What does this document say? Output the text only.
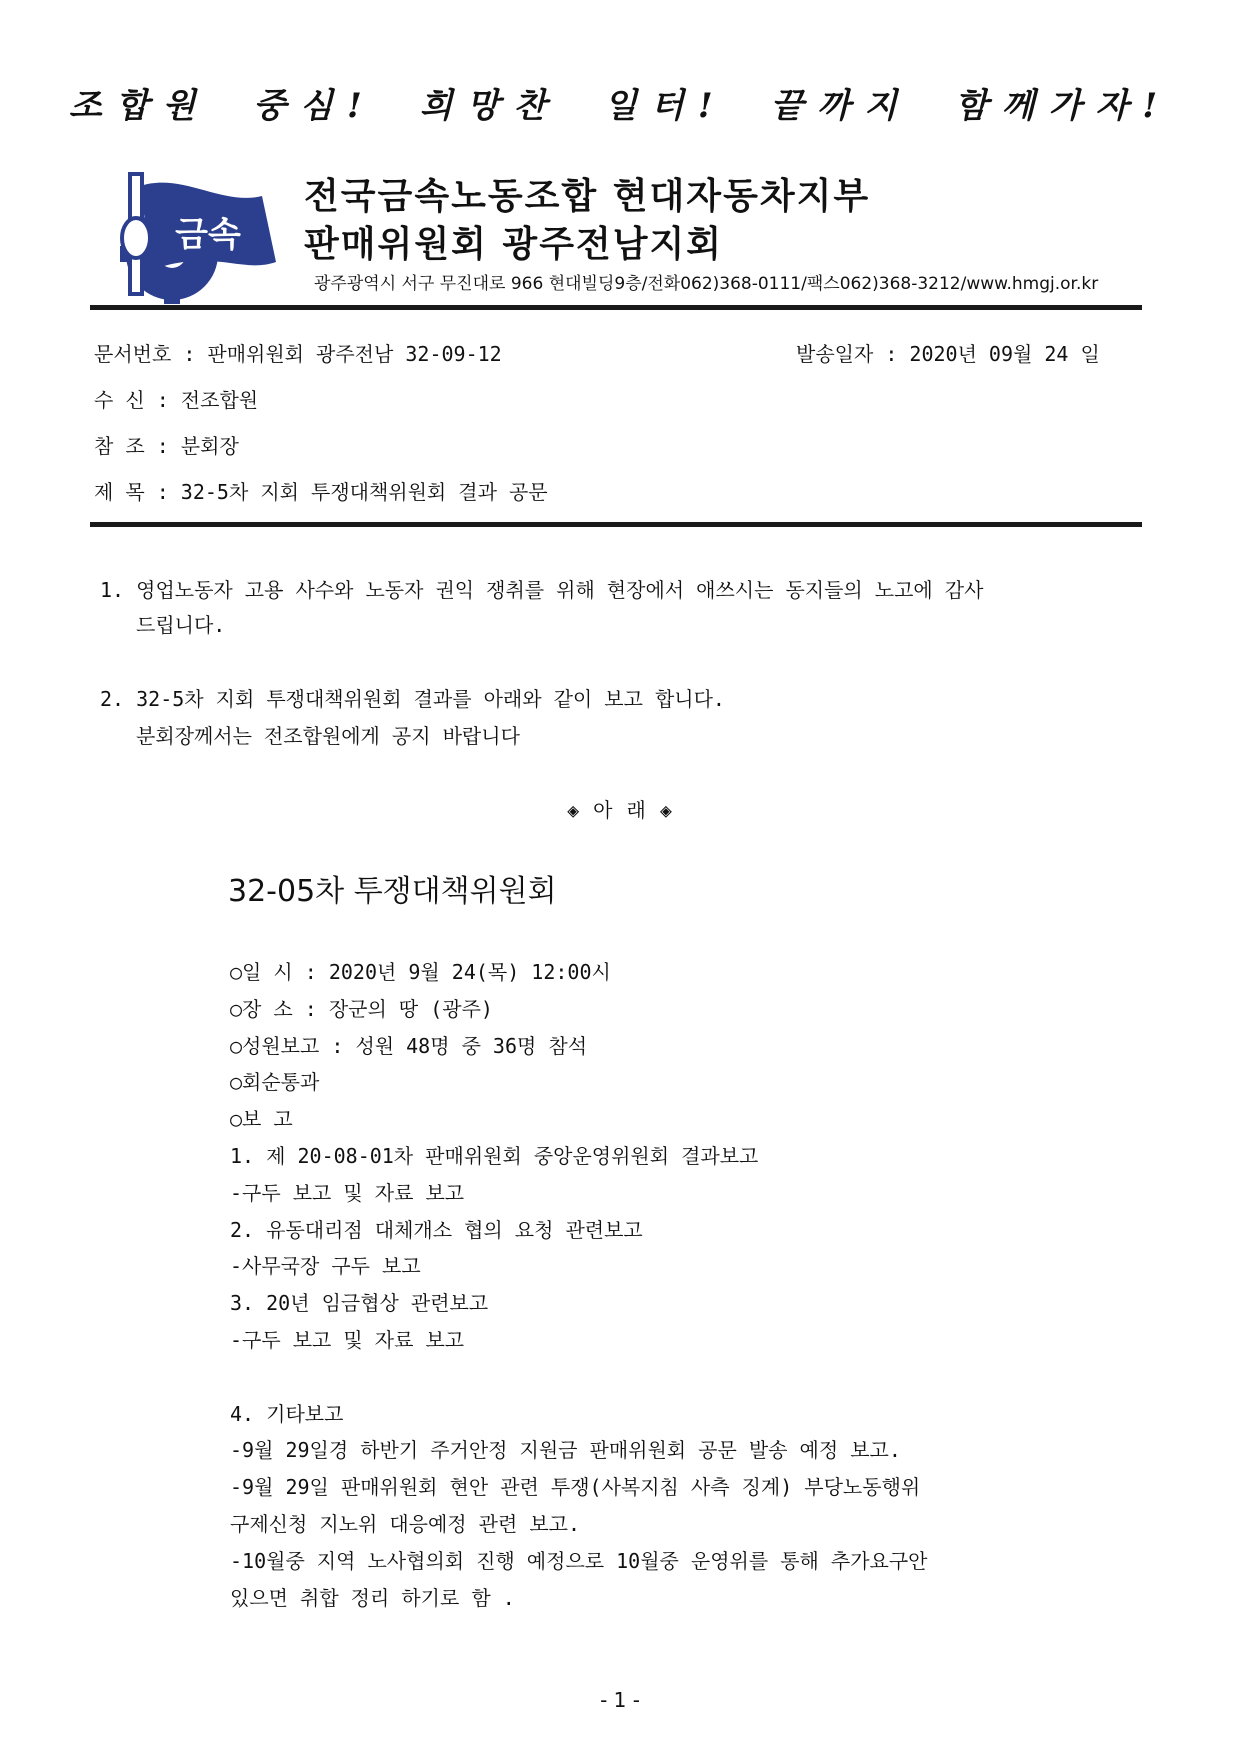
조합원 중심! 희망찬 일터! 끝까지 함께가자!
금속
전국금속노동조합 현대자동차지부
판매위원회 광주전남지회
광주광역시 서구 무진대로 966 현대빌딩9층/전화062)368-0111/팩스062)368-3212/www.hmgj.or.kr
문서번호 : 판매위원회 광주전남 32-09-12	발송일자 : 2020년 09월 24 일
수 신 : 전조합원
참 조 : 분회장
제 목 : 32-5차 지회 투쟁대책위원회 결과 공문
1. 영업노동자 고용 사수와 노동자 권익 쟁취를 위해 현장에서 애쓰시는 동지들의 노고에 감사
드립니다.
2. 32-5차 지회 투쟁대책위원회 결과를 아래와 같이 보고 합니다.
분회장께서는 전조합원에게 공지 바랍니다
◈ 아 래 ◈
32-05차 투쟁대책위원회
○일 시 : 2020년 9월 24(목) 12:00시
○장 소 : 장군의 땅 (광주)
○성원보고 : 성원 48명 중 36명 참석
○회순통과
○보 고
1. 제 20-08-01차 판매위원회 중앙운영위원회 결과보고
-구두 보고 및 자료 보고
2. 유동대리점 대체개소 협의 요청 관련보고
-사무국장 구두 보고
3. 20년 임금협상 관련보고
-구두 보고 및 자료 보고
4. 기타보고
-9월 29일경 하반기 주거안정 지원금 판매위원회 공문 발송 예정 보고.
-9월 29일 판매위원회 현안 관련 투쟁(사복지침 사측 징계) 부당노동행위
구제신청 지노위 대응예정 관련 보고.
-10월중 지역 노사협의회 진행 예정으로 10월중 운영위를 통해 추가요구안
있으면 취합 정리 하기로 함 .
- 1 -
